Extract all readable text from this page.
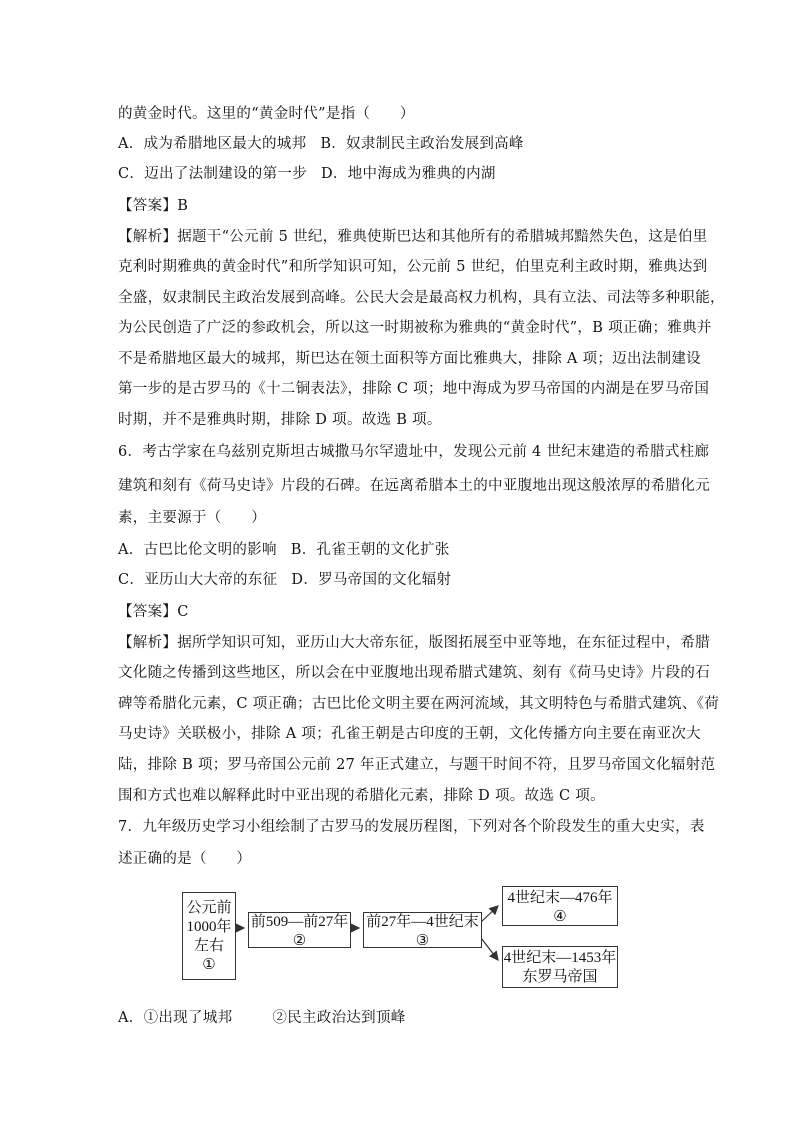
的黄金时代。这里的“黄金时代”是指（　　）
A．成为希腊地区最大的城邦 B．奴隶制民主政治发展到高峰
C．迈出了法制建设的第一步 D．地中海成为雅典的内湖
【答案】B
【解析】据题干“公元前 5 世纪，雅典使斯巴达和其他所有的希腊城邦黯然失色，这是伯里
克利时期雅典的黄金时代”和所学知识可知，公元前 5 世纪，伯里克利主政时期，雅典达到
全盛，奴隶制民主政治发展到高峰。公民大会是最高权力机构，具有立法、司法等多种职能，
为公民创造了广泛的参政机会，所以这一时期被称为雅典的“黄金时代”，B 项正确；雅典并
不是希腊地区最大的城邦，斯巴达在领土面积等方面比雅典大，排除 A 项；迈出法制建设
第一步的是古罗马的《十二铜表法》，排除 C 项；地中海成为罗马帝国的内湖是在罗马帝国
时期，并不是雅典时期，排除 D 项。故选 B 项。
6．考古学家在乌兹别克斯坦古城撒马尔罕遗址中，发现公元前 4 世纪末建造的希腊式柱廊
建筑和刻有《荷马史诗》片段的石碑。在远离希腊本土的中亚腹地出现这般浓厚的希腊化元
素，主要源于（　　）
A．古巴比伦文明的影响 B．孔雀王朝的文化扩张
C．亚历山大大帝的东征 D．罗马帝国的文化辐射
【答案】C
【解析】据所学知识可知，亚历山大大帝东征，版图拓展至中亚等地，在东征过程中，希腊
文化随之传播到这些地区，所以会在中亚腹地出现希腊式建筑、刻有《荷马史诗》片段的石
碑等希腊化元素，C 项正确；古巴比伦文明主要在两河流域，其文明特色与希腊式建筑、《荷
马史诗》关联极小，排除 A 项；孔雀王朝是古印度的王朝，文化传播方向主要在南亚次大
陆，排除 B 项；罗马帝国公元前 27 年正式建立，与题干时间不符，且罗马帝国文化辐射范
围和方式也难以解释此时中亚出现的希腊化元素，排除 D 项。故选 C 项。
7．九年级历史学习小组绘制了古罗马的发展历程图，下列对各个阶段发生的重大史实，表
述正确的是（　　）
公元前
1000年
左右
①
前509—前27年
②
前27年—4世纪末
③
4世纪末—476年
④
4世纪末—1453年
东罗马帝国
A．①出现了城邦	②民主政治达到顶峰
